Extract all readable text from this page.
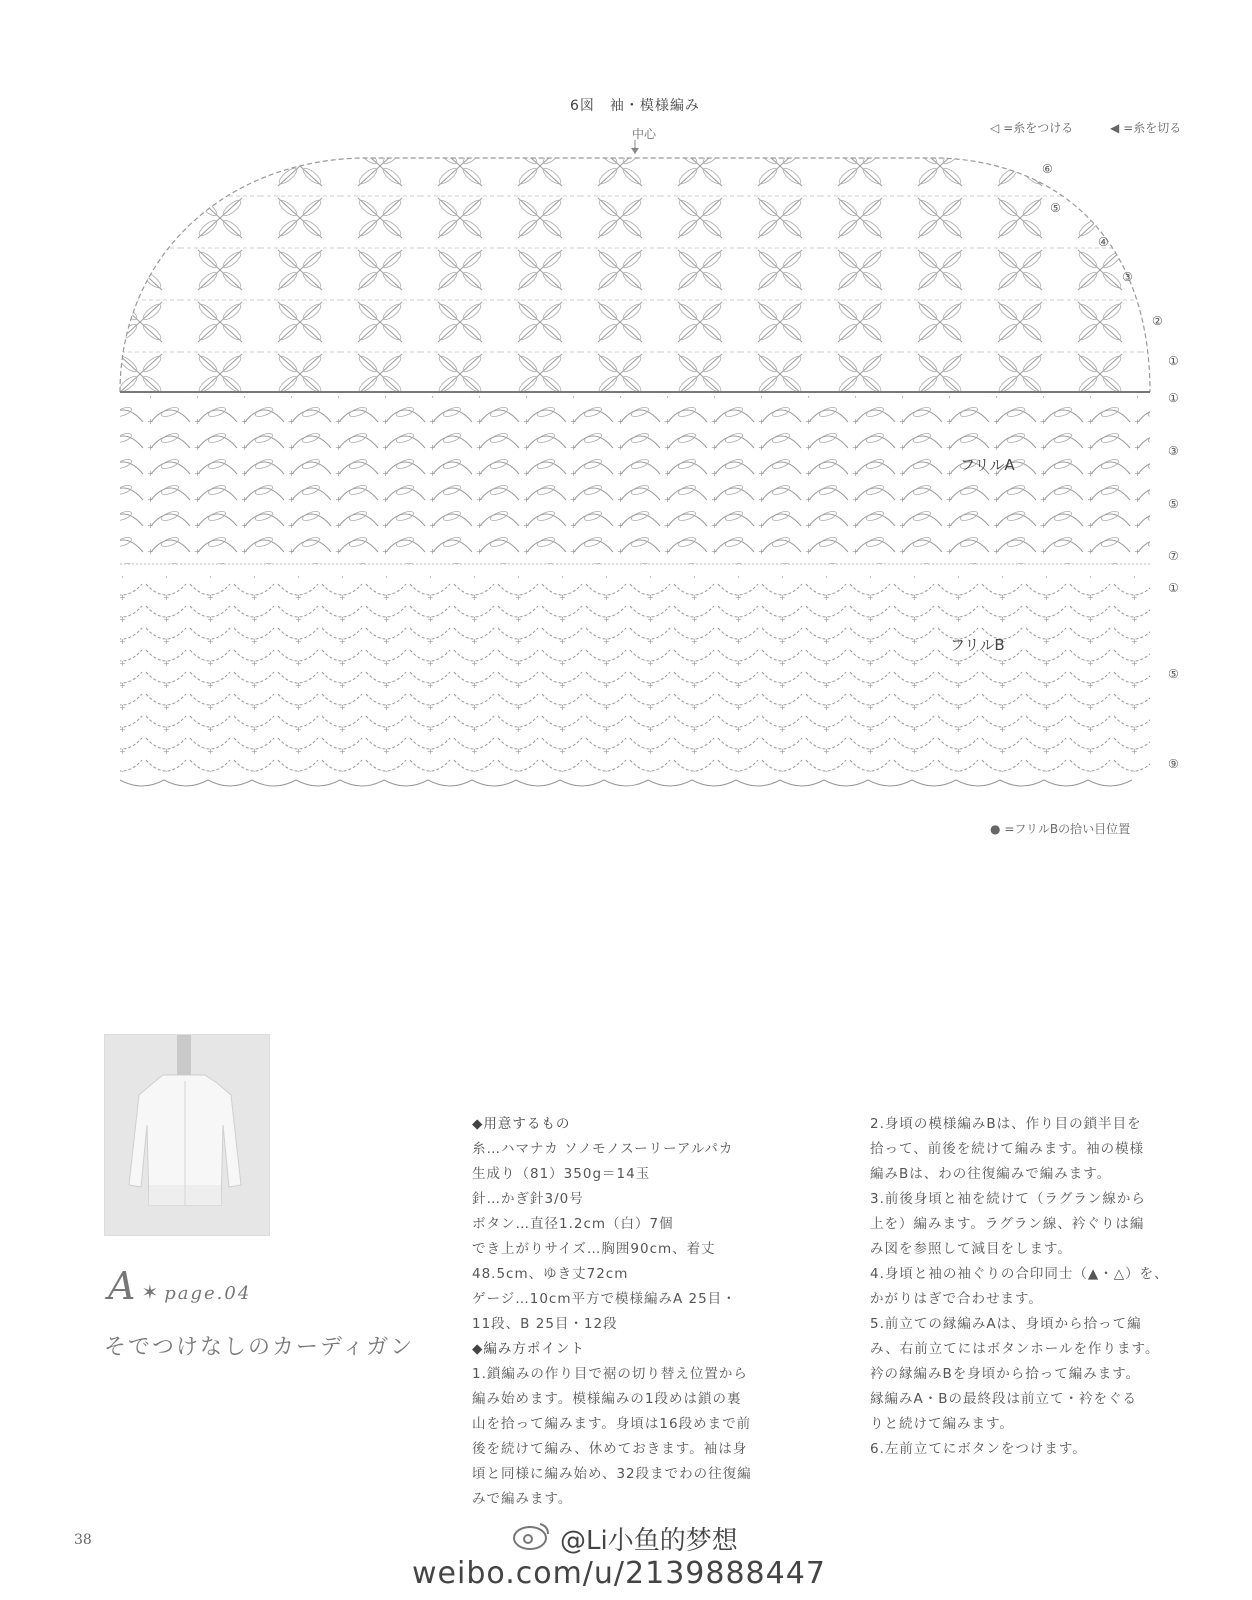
6図　袖・模様編み
中心	◁ =糸をつける	◀ =糸を切る
フリルA
フリルB
⑥
⑤
④
③
②
①
①
③
⑤
⑦
①
⑤
⑨
● =フリルBの拾い目位置
A ✶ page.04
そでつけなしのカーディガン

◆用意するもの

糸…ハマナカ ソノモノスーリーアルパカ

生成り（81）350g＝14玉

針…かぎ針3/0号

ボタン…直径1.2cm（白）7個

でき上がりサイズ…胸囲90cm、着丈

48.5cm、ゆき丈72cm

ゲージ…10cm平方で模様編みA 25目・

11段、B 25目・12段

◆編み方ポイント

1.鎖編みの作り目で裾の切り替え位置から

編み始めます。模様編みの1段めは鎖の裏

山を拾って編みます。身頃は16段めまで前

後を続けて編み、休めておきます。袖は身

頃と同様に編み始め、32段までわの往復編

みで編みます。

2.身頃の模様編みBは、作り目の鎖半目を

拾って、前後を続けて編みます。袖の模様

編みBは、わの往復編みで編みます。

3.前後身頃と袖を続けて（ラグラン線から

上を）編みます。ラグラン線、衿ぐりは編

み図を参照して減目をします。

4.身頃と袖の袖ぐりの合印同士（▲・△）を、

かがりはぎで合わせます。

5.前立ての縁編みAは、身頃から拾って編

み、右前立てにはボタンホールを作ります。

衿の縁編みBを身頃から拾って編みます。

縁編みA・Bの最終段は前立て・衿をぐる

りと続けて編みます。

6.左前立てにボタンをつけます。

38	@Li小鱼的梦想
weibo.com/u/2139888447
